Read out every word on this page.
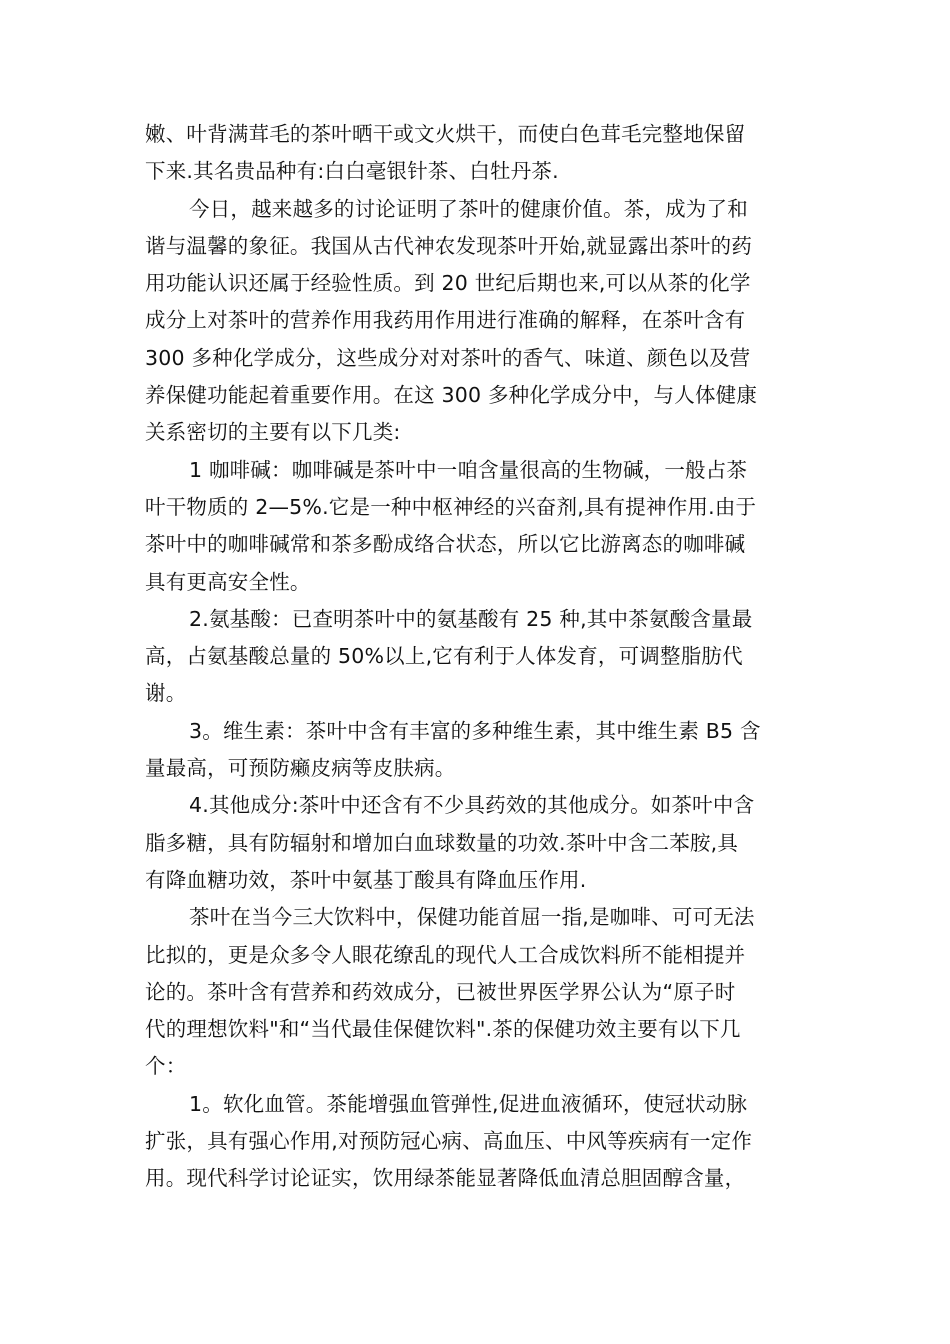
嫩、叶背满茸毛的茶叶晒干或文火烘干，而使白色茸毛完整地保留
下来.其名贵品种有:白白毫银针茶、白牡丹茶.
今日，越来越多的讨论证明了茶叶的健康价值。茶，成为了和
谐与温馨的象征。我国从古代神农发现茶叶开始,就显露出茶叶的药
用功能认识还属于经验性质。到 20 世纪后期也来,可以从茶的化学
成分上对茶叶的营养作用我药用作用进行准确的解释，在茶叶含有
300 多种化学成分，这些成分对对茶叶的香气、味道、颜色以及营
养保健功能起着重要作用。在这 300 多种化学成分中，与人体健康
关系密切的主要有以下几类:
1 咖啡碱：咖啡碱是茶叶中一咱含量很高的生物碱，一般占茶
叶干物质的 2—5%.它是一种中枢神经的兴奋剂,具有提神作用.由于
茶叶中的咖啡碱常和茶多酚成络合状态，所以它比游离态的咖啡碱
具有更高安全性。
2.氨基酸：已查明茶叶中的氨基酸有 25 种,其中茶氨酸含量最
高，占氨基酸总量的 50%以上,它有利于人体发育，可调整脂肪代
谢。
3。维生素：茶叶中含有丰富的多种维生素，其中维生素 B5 含
量最高，可预防癞皮病等皮肤病。
4.其他成分:茶叶中还含有不少具药效的其他成分。如茶叶中含
脂多糖，具有防辐射和增加白血球数量的功效.茶叶中含二苯胺,具
有降血糖功效，茶叶中氨基丁酸具有降血压作用.
茶叶在当今三大饮料中，保健功能首屈一指,是咖啡、可可无法
比拟的，更是众多令人眼花缭乱的现代人工合成饮料所不能相提并
论的。茶叶含有营养和药效成分，已被世界医学界公认为“原子时
代的理想饮料"和“当代最佳保健饮料".茶的保健功效主要有以下几
个：
1。软化血管。茶能增强血管弹性,促进血液循环，使冠状动脉
扩张，具有强心作用,对预防冠心病、高血压、中风等疾病有一定作
用。现代科学讨论证实，饮用绿茶能显著降低血清总胆固醇含量，
